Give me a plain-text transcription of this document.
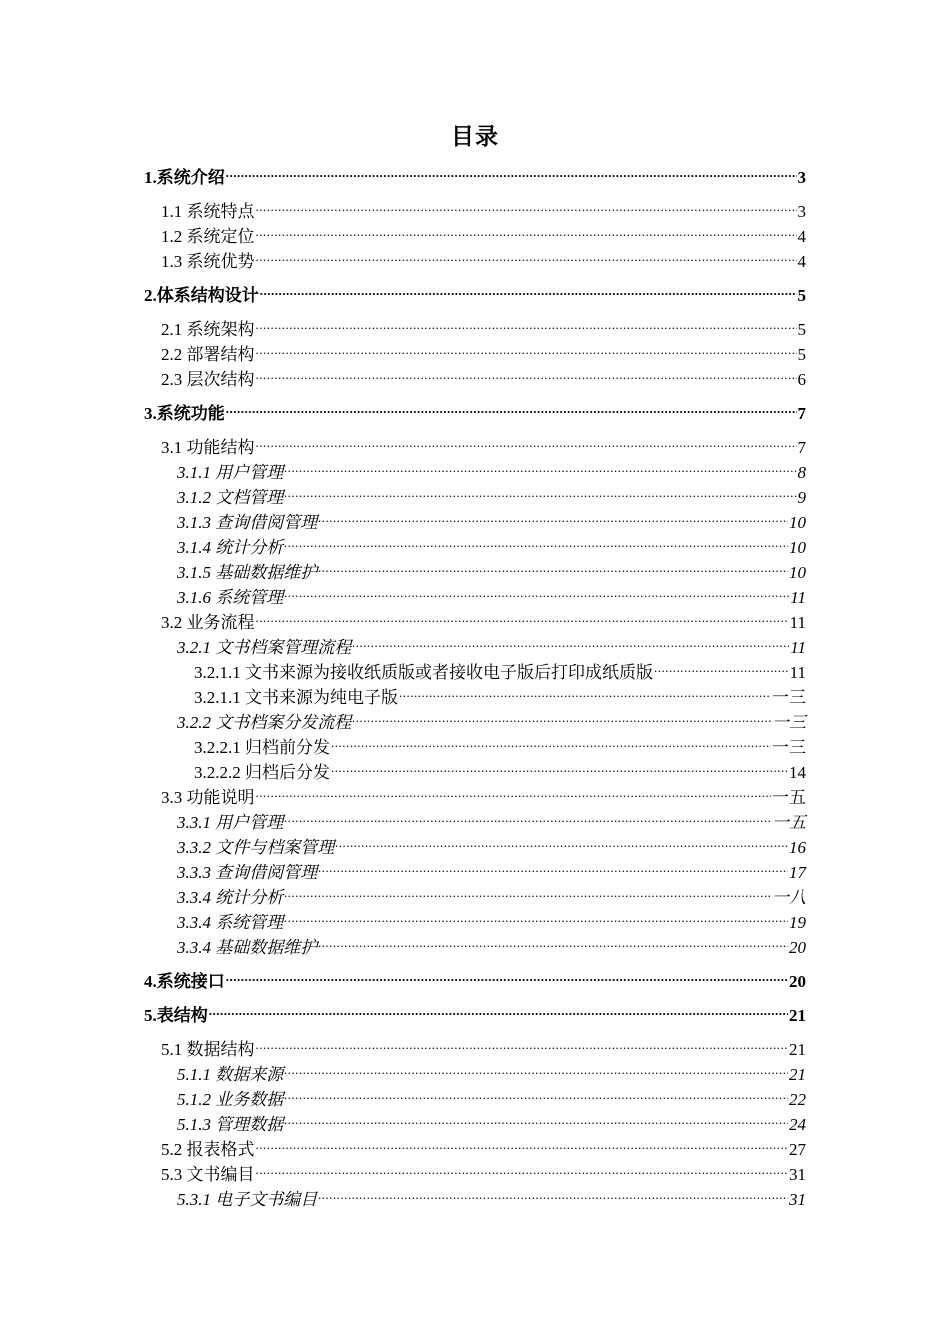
目录
1.系统介绍 .....	3
1.1 系统特点 .....	3
1.2 系统定位 .....	4
1.3 系统优势 .....	4
2.体系结构设计 .....	5
2.1 系统架构 .....	5
2.2 部署结构 .....	5
2.3 层次结构 .....	6
3.系统功能 .....	7
3.1 功能结构 .....	7
3.1.1 用户管理 .....	8
3.1.2 文档管理 .....	9
3.1.3 查询借阅管理 .....	10
3.1.4 统计分析 .....	10
3.1.5 基础数据维护 .....	10
3.1.6 系统管理 .....	11
3.2 业务流程 .....	11
3.2.1 文书档案管理流程 .....	11
3.2.1.1 文书来源为接收纸质版或者接收电子版后打印成纸质版 .....	11
3.2.1.1 文书来源为纯电子版 .....	一三
3.2.2 文书档案分发流程 .....	一三
3.2.2.1 归档前分发 .....	一三
3.2.2.2 归档后分发 .....	14
3.3 功能说明 .....	一五
3.3.1 用户管理 .....	一五
3.3.2 文件与档案管理 .....	16
3.3.3 查询借阅管理 .....	17
3.3.4 统计分析 .....	一八
3.3.4 系统管理 .....	19
3.3.4 基础数据维护 .....	20
4.系统接口 .....	20
5.表结构 .....	21
5.1 数据结构 .....	21
5.1.1 数据来源 .....	21
5.1.2 业务数据 .....	22
5.1.3 管理数据 .....	24
5.2 报表格式 .....	27
5.3 文书编目 .....	31
5.3.1 电子文书编目 .....	31
